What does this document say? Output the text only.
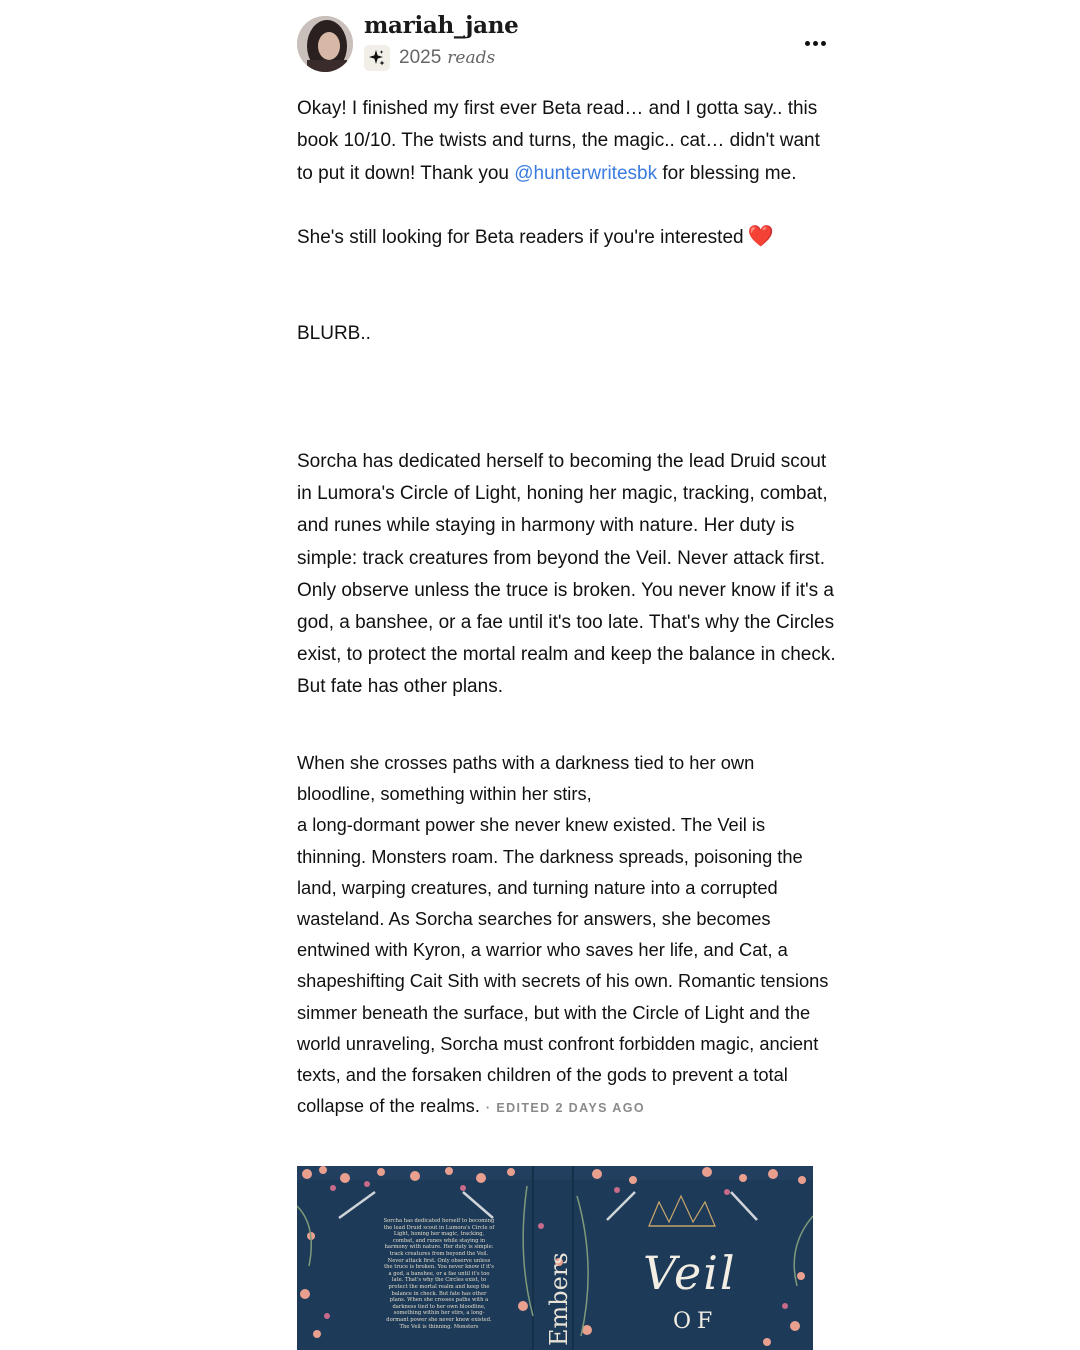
mariah_jane
2025 reads
Okay! I finished my first ever Beta read… and I gotta say.. this book 10/10. The twists and turns, the magic.. cat… didn't want to put it down! Thank you @hunterwritesbk for blessing me.
She's still looking for Beta readers if you're interested ❤️
BLURB..
Sorcha has dedicated herself to becoming the lead Druid scout in Lumora's Circle of Light, honing her magic, tracking, combat, and runes while staying in harmony with nature. Her duty is simple: track creatures from beyond the Veil. Never attack first. Only observe unless the truce is broken. You never know if it's a god, a banshee, or a fae until it's too late. That's why the Circles exist, to protect the mortal realm and keep the balance in check. But fate has other plans.
When she crosses paths with a darkness tied to her own bloodline, something within her stirs,
a long-dormant power she never knew existed. The Veil is thinning. Monsters roam. The darkness spreads, poisoning the land, warping creatures, and turning nature into a corrupted wasteland. As Sorcha searches for answers, she becomes entwined with Kyron, a warrior who saves her life, and Cat, a shapeshifting Cait Sith with secrets of his own. Romantic tensions simmer beneath the surface, but with the Circle of Light and the world unraveling, Sorcha must confront forbidden magic, ancient texts, and the forsaken children of the gods to prevent a total collapse of the realms. · EDITED 2 DAYS AGO
Sorcha has dedicated herself to becoming the lead Druid scout in Lumora's Circle of Light, honing her magic, tracking, combat, and runes while staying in harmony with nature. Her duty is simple: track creatures from beyond the Veil. Never attack first. Only observe unless the truce is broken. You never know if it's a god, a banshee, or a fae until it's too late. That's why the Circles exist, to protect the mortal realm and keep the balance in check. But fate has other plans. When she crosses paths with a darkness tied to her own bloodline, something within her stirs, a long-dormant power she never knew existed. The Veil is thinning. Monsters	Embers Veil
OF
